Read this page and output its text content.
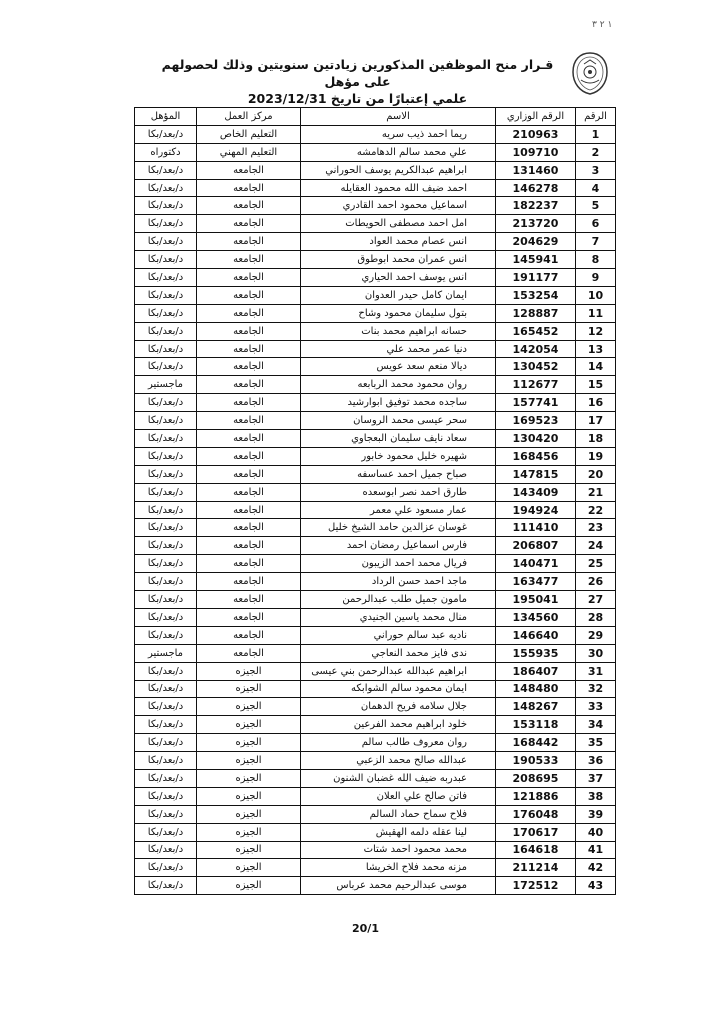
١ ٢ ٣
قـرار منح الموظفين المذكورين زيادتين سنويتين وذلك لحصولهم على مؤهل

علمي إعتبارًا من تاريخ 2023/12/31
الرقم	الرقم الوزاري	الاسم	مركز العمل	المؤهل
1	210963	ريما احمد ذيب سريه	التعليم الخاص	د/بعد/بكا
2	109710	علي محمد سالم الدهامشه	التعليم المهني	دكتوراه
3	131460	ابراهيم عبدالكريم يوسف الحوراني	الجامعه	د/بعد/بكا
4	146278	احمد ضيف الله محمود العقايله	الجامعه	د/بعد/بكا
5	182237	اسماعيل محمود احمد القادري	الجامعه	د/بعد/بكا
6	213720	امل احمد مصطفى الحويطات	الجامعه	د/بعد/بكا
7	204629	انس عصام محمد العواد	الجامعه	د/بعد/بكا
8	145941	انس عمران محمد ابوطوق	الجامعه	د/بعد/بكا
9	191177	انس يوسف احمد الحياري	الجامعه	د/بعد/بكا
10	153254	ايمان كامل حيدر العدوان	الجامعه	د/بعد/بكا
11	128887	بتول سليمان محمود وشاح	الجامعه	د/بعد/بكا
12	165452	حسانه ابراهيم محمد بنات	الجامعه	د/بعد/بكا
13	142054	دنيا عمر محمد علي	الجامعه	د/بعد/بكا
14	130452	ديالا منعم سعد عويس	الجامعه	د/بعد/بكا
15	112677	روان محمود محمد الربابعه	الجامعه	ماجستير
16	157741	ساجده محمد توفيق ابوارشيد	الجامعه	د/بعد/بكا
17	169523	سحر عيسى محمد الروسان	الجامعه	د/بعد/بكا
18	130420	سعاد نايف سليمان البعجاوي	الجامعه	د/بعد/بكا
19	168456	شهيره خليل محمود خابور	الجامعه	د/بعد/بكا
20	147815	صباح جميل احمد عساسفه	الجامعه	د/بعد/بكا
21	143409	طارق احمد نصر ابوسعده	الجامعه	د/بعد/بكا
22	194924	عمار مسعود علي معمر	الجامعه	د/بعد/بكا
23	111410	غوسان عزالدين حامد الشيخ خليل	الجامعه	د/بعد/بكا
24	206807	فارس اسماعيل رمضان احمد	الجامعه	د/بعد/بكا
25	140471	فريال محمد احمد الزيبون	الجامعه	د/بعد/بكا
26	163477	ماجد احمد حسن الرداد	الجامعه	د/بعد/بكا
27	195041	مامون جميل طلب عبدالرحمن	الجامعه	د/بعد/بكا
28	134560	منال محمد ياسين الجنيدي	الجامعه	د/بعد/بكا
29	146640	ناديه عبد سالم حوراني	الجامعه	د/بعد/بكا
30	155935	ندى فايز محمد النعاجي	الجامعه	ماجستير
31	186407	ابراهيم عبدالله عبدالرحمن بني عيسى	الجيزه	د/بعد/بكا
32	148480	ايمان محمود سالم الشوابكه	الجيزه	د/بعد/بكا
33	148267	جلال سلامه فريح الدهمان	الجيزه	د/بعد/بكا
34	153118	خلود ابراهيم محمد الفرعين	الجيزه	د/بعد/بكا
35	168442	روان معروف طالب سالم	الجيزه	د/بعد/بكا
36	190533	عبدالله صالح محمد الزعبي	الجيزه	د/بعد/بكا
37	208695	عبدربه ضيف الله غضبان الشنون	الجيزه	د/بعد/بكا
38	121886	فاتن صالح علي العلان	الجيزه	د/بعد/بكا
39	176048	فلاح سماح حماد السالم	الجيزه	د/بعد/بكا
40	170617	لينا عقله دلمه الهقيش	الجيزه	د/بعد/بكا
41	164618	محمد محمود احمد شتات	الجيزه	د/بعد/بكا
42	211214	مزنه محمد فلاح الخريشا	الجيزه	د/بعد/بكا
43	172512	موسى عبدالرحيم محمد عرباس	الجيزه	د/بعد/بكا
20/1
